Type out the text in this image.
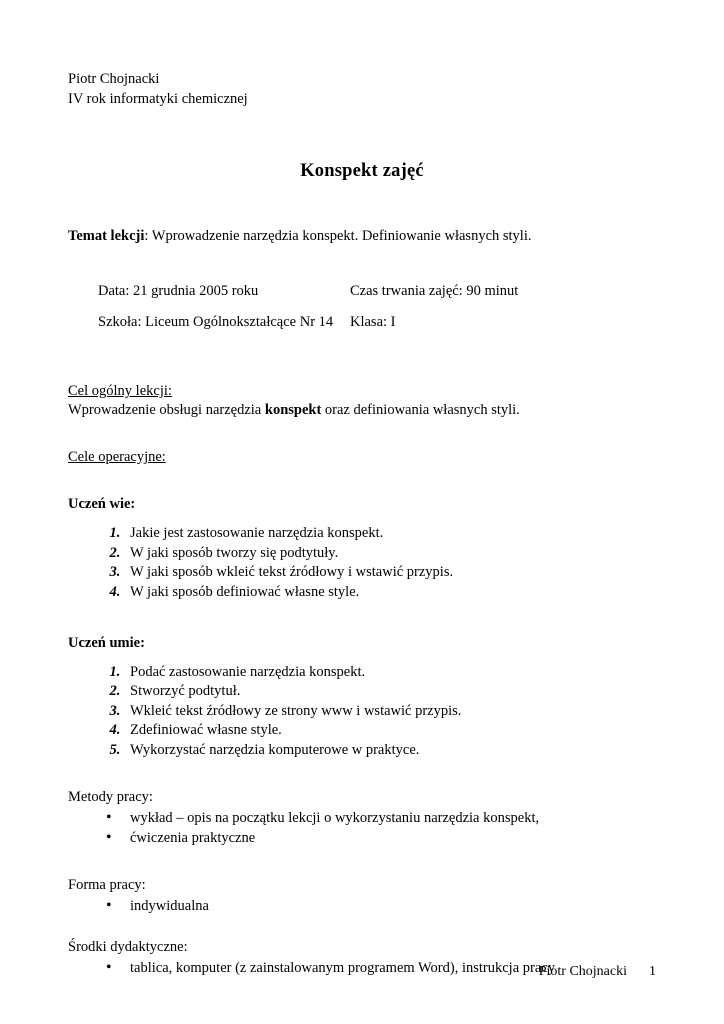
Piotr Chojnacki
IV rok informatyki chemicznej
Konspekt zajęć
Temat lekcji: Wprowadzenie narzędzia konspekt. Definiowanie własnych styli.
Data: 21 grudnia 2005 roku	Czas trwania zajęć: 90 minut
Szkoła: Liceum Ogólnokształcące Nr 14	Klasa: I
Cel ogólny lekcji:
Wprowadzenie obsługi narzędzia konspekt oraz definiowania własnych styli.
Cele operacyjne:
Uczeń wie:
1. Jakie jest zastosowanie narzędzia konspekt.
2. W jaki sposób tworzy się podtytuły.
3. W jaki sposób wkleić tekst źródłowy i wstawić przypis.
4. W jaki sposób definiować własne style.
Uczeń umie:
1. Podać zastosowanie narzędzia konspekt.
2. Stworzyć podtytuł.
3. Wkleić tekst źródłowy ze strony www i wstawić przypis.
4. Zdefiniować własne style.
5. Wykorzystać narzędzia komputerowe w praktyce.
Metody pracy:
• wykład – opis na początku lekcji o wykorzystaniu narzędzia konspekt,
• ćwiczenia praktyczne
Forma pracy:
• indywidualna
Środki dydaktyczne:
• tablica, komputer (z zainstalowanym programem Word), instrukcja pracy
Piotr Chojnacki 1
